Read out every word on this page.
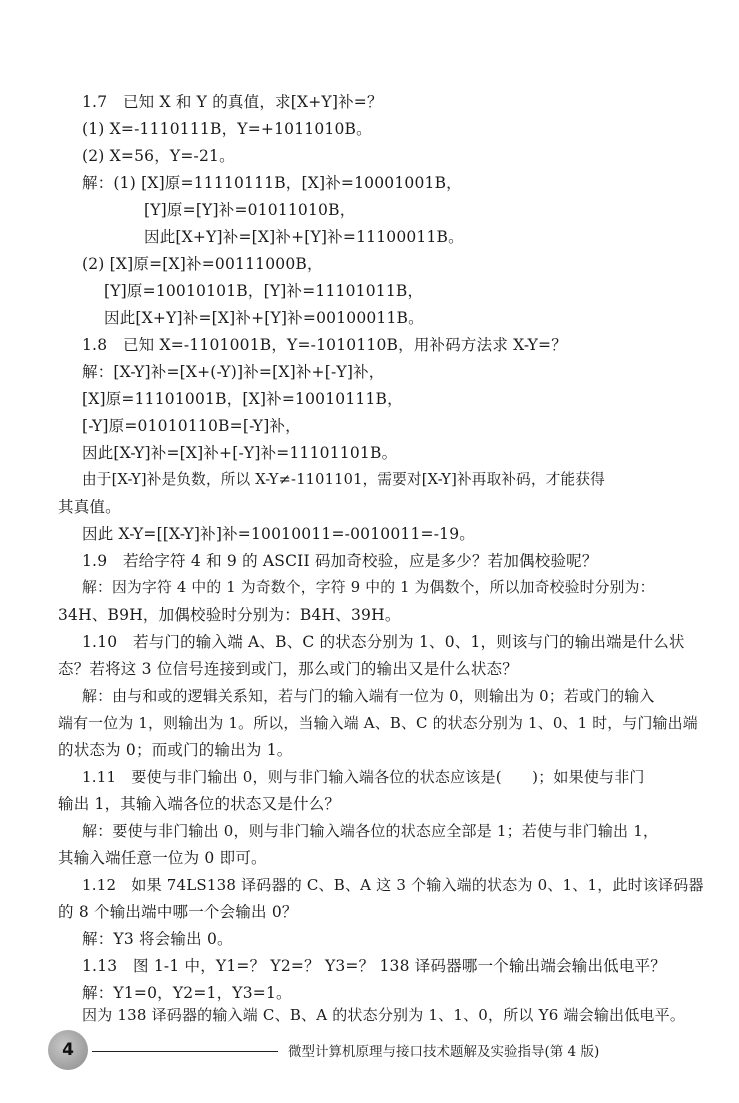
1.7　已知 X 和 Y 的真值，求[X+Y]补=？
(1) X=-1110111B，Y=+1011010B。
(2) X=56，Y=-21。
解：(1) [X]原=11110111B，[X]补=10001001B，
[Y]原=[Y]补=01011010B，
因此[X+Y]补=[X]补+[Y]补=11100011B。
(2) [X]原=[X]补=00111000B，
[Y]原=10010101B，[Y]补=11101011B，
因此[X+Y]补=[X]补+[Y]补=00100011B。
1.8　已知 X=-1101001B，Y=-1010110B，用补码方法求 X-Y=？
解：[X-Y]补=[X+(-Y)]补=[X]补+[-Y]补，
[X]原=11101001B，[X]补=10010111B，
[-Y]原=01010110B=[-Y]补，
因此[X-Y]补=[X]补+[-Y]补=11101101B。
由于[X-Y]补是负数，所以 X-Y≠-1101101，需要对[X-Y]补再取补码，才能获得
其真值。
因此 X-Y=[[X-Y]补]补=10010011=-0010011=-19。
1.9　若给字符 4 和 9 的 ASCII 码加奇校验，应是多少？若加偶校验呢？
解：因为字符 4 中的 1 为奇数个，字符 9 中的 1 为偶数个，所以加奇校验时分别为：
34H、B9H，加偶校验时分别为：B4H、39H。
1.10　若与门的输入端 A、B、C 的状态分别为 1、0、1，则该与门的输出端是什么状
态？若将这 3 位信号连接到或门，那么或门的输出又是什么状态？
解：由与和或的逻辑关系知，若与门的输入端有一位为 0，则输出为 0；若或门的输入
端有一位为 1，则输出为 1。所以，当输入端 A、B、C 的状态分别为 1、0、1 时，与门输出端
的状态为 0；而或门的输出为 1。
1.11　要使与非门输出 0，则与非门输入端各位的状态应该是(　　)；如果使与非门
输出 1，其输入端各位的状态又是什么？
解：要使与非门输出 0，则与非门输入端各位的状态应全部是 1；若使与非门输出 1，
其输入端任意一位为 0 即可。
1.12　如果 74LS138 译码器的 C、B、A 这 3 个输入端的状态为 0、1、1，此时该译码器
的 8 个输出端中哪一个会输出 0？
解：Y3 将会输出 0。
1.13　图 1-1 中，Y1=？ Y2=？ Y3=？ 138 译码器哪一个输出端会输出低电平？
解：Y1=0，Y2=1，Y3=1。
因为 138 译码器的输入端 C、B、A 的状态分别为 1、1、0，所以 Y6 端会输出低电平。
4	微型计算机原理与接口技术题解及实验指导(第 4 版)
